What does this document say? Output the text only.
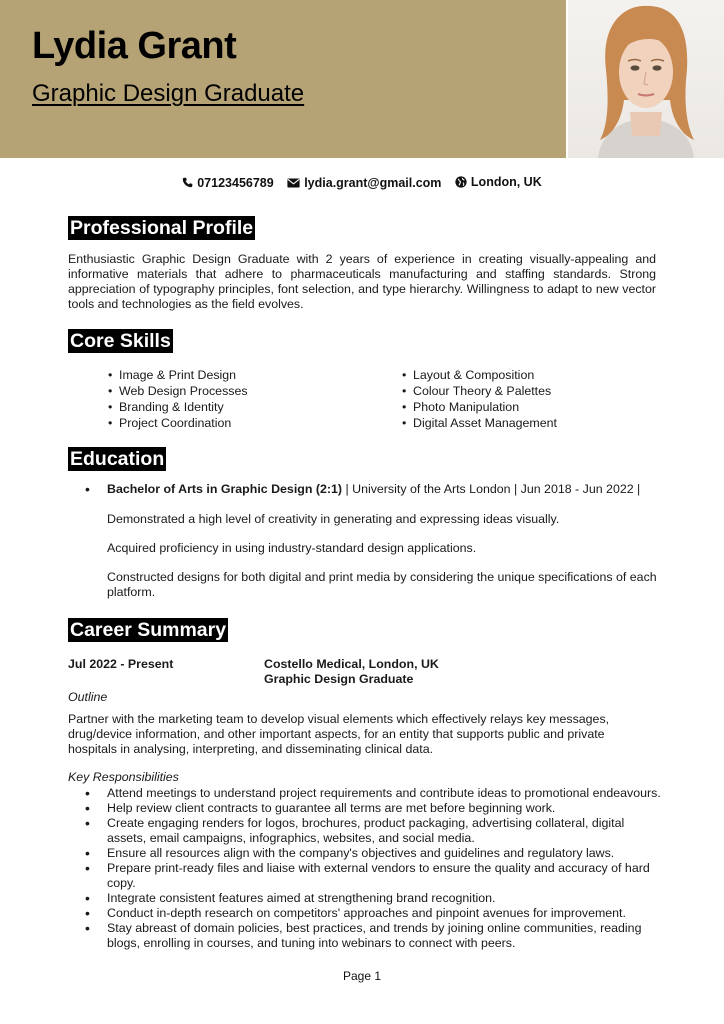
Lydia Grant
Graphic Design Graduate
07123456789
lydia.grant@gmail.com
London, UK
Professional Profile
Enthusiastic Graphic Design Graduate with 2 years of experience in creating visually-appealing and informative materials that adhere to pharmaceuticals manufacturing and staffing standards. Strong appreciation of typography principles, font selection, and type hierarchy. Willingness to adapt to new vector tools and technologies as the field evolves.
Core Skills
• Image & Print Design
• Web Design Processes
• Branding & Identity
• Project Coordination
• Layout & Composition
• Colour Theory & Palettes
• Photo Manipulation
• Digital Asset Management
Education
• Bachelor of Arts in Graphic Design (2:1) | University of the Arts London | Jun 2018 - Jun 2022 |
Demonstrated a high level of creativity in generating and expressing ideas visually.
Acquired proficiency in using industry-standard design applications.
Constructed designs for both digital and print media by considering the unique specifications of each platform.
Career Summary
Jul 2022 - Present	Costello Medical, London, UK
Graphic Design Graduate
Outline
Partner with the marketing team to develop visual elements which effectively relays key messages, drug/device information, and other important aspects, for an entity that supports public and private hospitals in analysing, interpreting, and disseminating clinical data.
Key Responsibilities
• Attend meetings to understand project requirements and contribute ideas to promotional endeavours.
• Help review client contracts to guarantee all terms are met before beginning work.
• Create engaging renders for logos, brochures, product packaging, advertising collateral, digital assets, email campaigns, infographics, websites, and social media.
• Ensure all resources align with the company's objectives and guidelines and regulatory laws.
• Prepare print-ready files and liaise with external vendors to ensure the quality and accuracy of hard copy.
• Integrate consistent features aimed at strengthening brand recognition.
• Conduct in-depth research on competitors' approaches and pinpoint avenues for improvement.
• Stay abreast of domain policies, best practices, and trends by joining online communities, reading blogs, enrolling in courses, and tuning into webinars to connect with peers.
Page 1
